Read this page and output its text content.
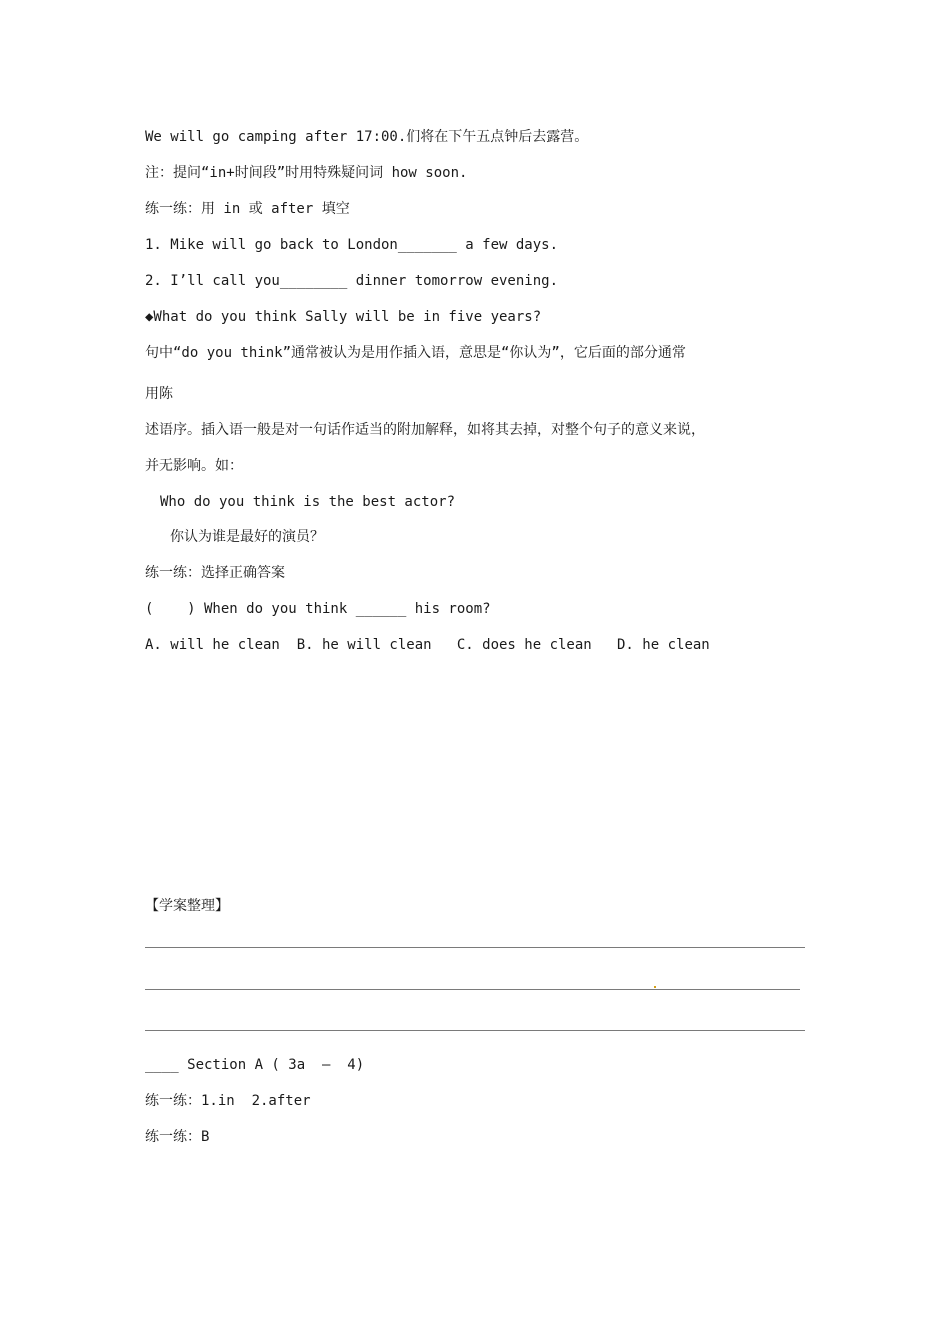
We will go camping after 17:00.们将在下午五点钟后去露营。
注：提问“in+时间段”时用特殊疑问词 how soon.
练一练：用 in 或 after 填空
1. Mike will go back to London_______ a few days.
2. I’ll call you________ dinner tomorrow evening.
◆What do you think Sally will be in five years?
句中“do you think”通常被认为是用作插入语，意思是“你认为”，它后面的部分通常
用陈
述语序。插入语一般是对一句话作适当的附加解释，如将其去掉，对整个句子的意义来说，
并无影响。如：
Who do you think is the best actor?
你认为谁是最好的演员？
练一练：选择正确答案
(    ) When do you think ______ his room?
A. will he clean  B. he will clean   C. does he clean   D. he clean
【学案整理】
____ Section A ( 3a  –  4)
练一练：1.in  2.after
练一练：B
